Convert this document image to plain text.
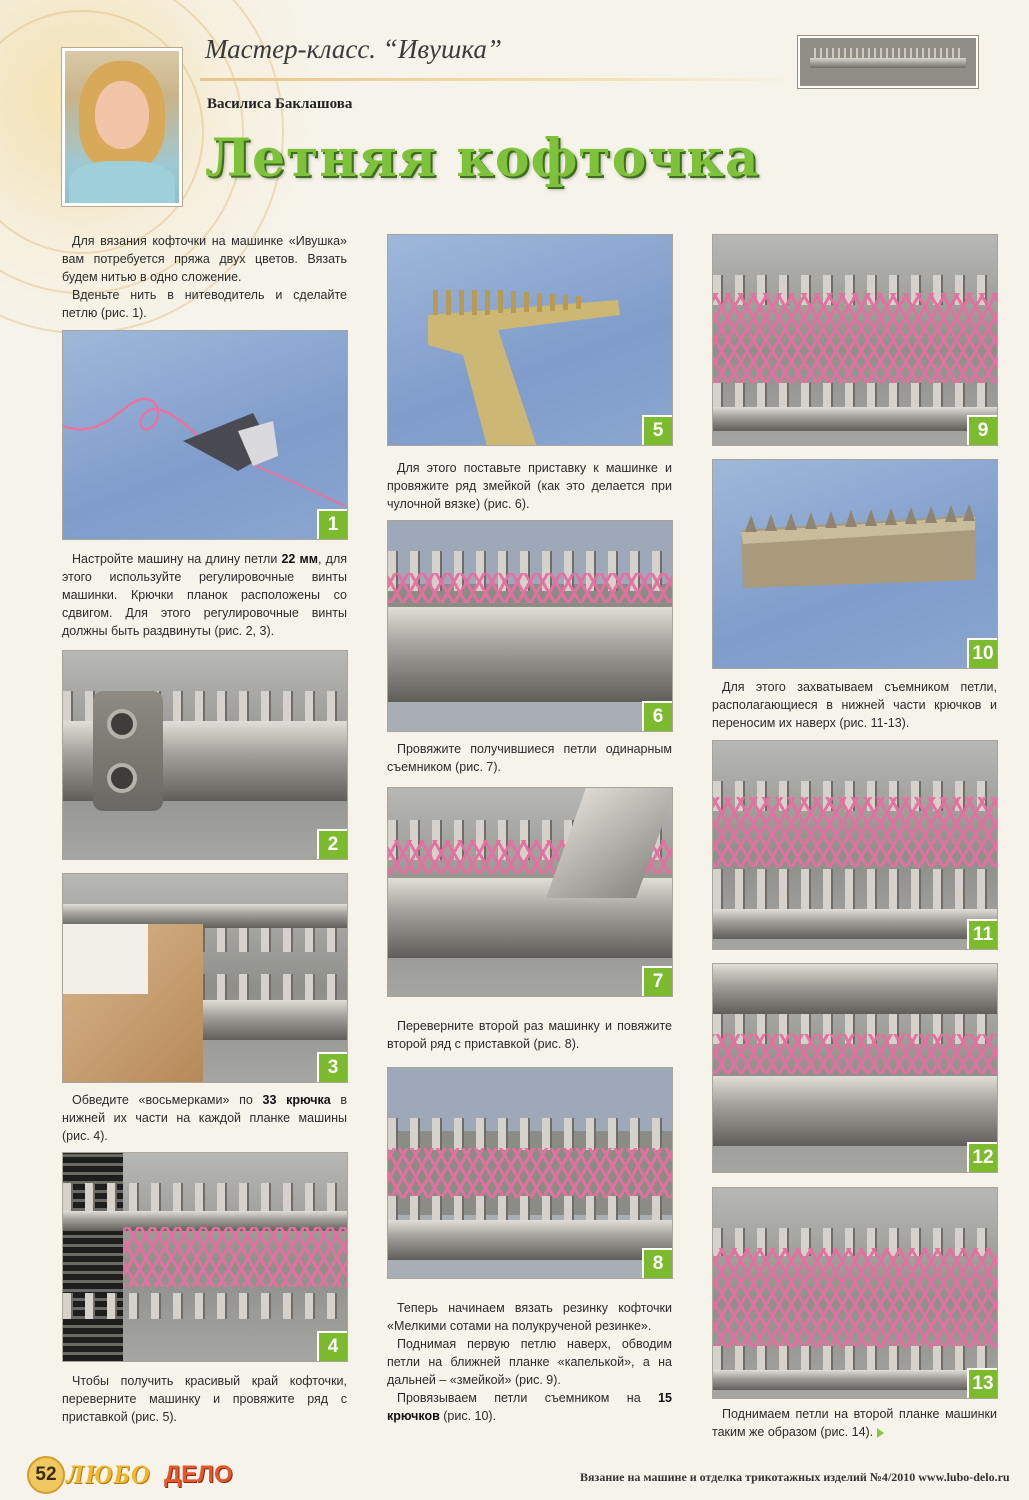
Мастер-класс. “Ивушка”
Василиса Баклашова
Летняя кофточка

Для вязания кофточки на машинке «Ивушка» вам потребуется пряжа двух цветов. Вязать будем нитью в одно сложение.

Вденьте нить в нитеводитель и сделайте петлю (рис. 1).

1

Настройте машину на длину петли 22 мм, для этого используйте регулировочные винты машинки. Крючки планок расположены со сдвигом. Для этого регулировочные винты должны быть раздвинуты (рис. 2, 3).

2
3

Обведите «восьмерками» по 33 крючка в нижней их части на каждой планке машины (рис. 4).

4

Чтобы получить красивый край кофточки, переверните машинку и провяжите ряд с приставкой (рис. 5).

5

Для этого поставьте приставку к машинке и провяжите ряд змейкой (как это делается при чулочной вязке) (рис. 6).

6

Провяжите получившиеся петли одинарным съемником (рис. 7).

7

Переверните второй раз машинку и повяжите второй ряд с приставкой (рис. 8).

8

Теперь начинаем вязать резинку кофточки «Мелкими сотами на полукрученой резинке».

Поднимая первую петлю наверх, обводим петли на ближней планке «капелькой», а на дальней – «змейкой» (рис. 9).

Провязываем петли съемником на 15 крючков (рис. 10).

9
10

Для этого захватываем съемником петли, располагающиеся в нижней части крючков и переносим их наверх (рис. 11-13).

11
12
13

Поднимаем петли на второй планке машинки таким же образом (рис. 14).

52 ЛЮБО ДЕЛО	Вязание на машине и отделка трикотажных изделий №4/2010 www.lubo-delo.ru
